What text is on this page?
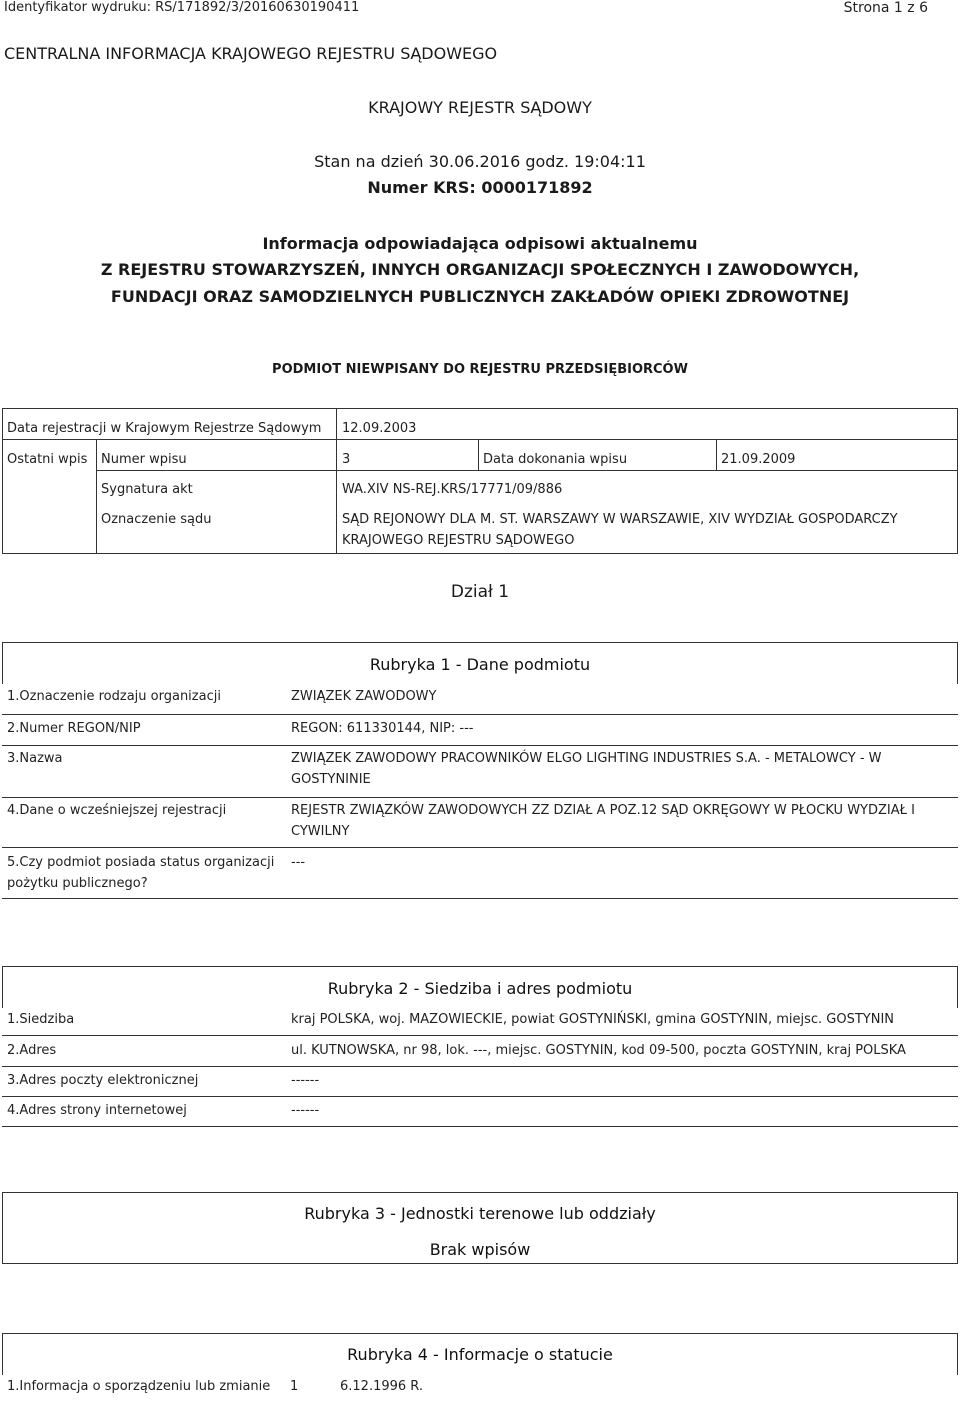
Identyfikator wydruku: RS/171892/3/20160630190411	Strona 1 z 6
CENTRALNA INFORMACJA KRAJOWEGO REJESTRU SĄDOWEGO
KRAJOWY REJESTR SĄDOWY
Stan na dzień 30.06.2016 godz. 19:04:11
Numer KRS: 0000171892
Informacja odpowiadająca odpisowi aktualnemu
Z REJESTRU STOWARZYSZEŃ, INNYCH ORGANIZACJI SPOŁECZNYCH I ZAWODOWYCH,
FUNDACJI ORAZ SAMODZIELNYCH PUBLICZNYCH ZAKŁADÓW OPIEKI ZDROWOTNEJ
PODMIOT NIEWPISANY DO REJESTRU PRZEDSIĘBIORCÓW
Data rejestracji w Krajowym Rejestrze Sądowym 12.09.2003
Ostatni wpis Numer wpisu	3	Data dokonania wpisu	21.09.2009
Sygnatura akt	WA.XIV NS-REJ.KRS/17771/09/886
Oznaczenie sądu	SĄD REJONOWY DLA M. ST. WARSZAWY W WARSZAWIE, XIV WYDZIAŁ GOSPODARCZY
KRAJOWEGO REJESTRU SĄDOWEGO
Dział 1
Rubryka 1 - Dane podmiotu
1.Oznaczenie rodzaju organizacji	ZWIĄZEK ZAWODOWY
2.Numer REGON/NIP	REGON: 611330144, NIP: ---
3.Nazwa	ZWIĄZEK ZAWODOWY PRACOWNIKÓW ELGO LIGHTING INDUSTRIES S.A. - METALOWCY - W
GOSTYNINIE
4.Dane o wcześniejszej rejestracji	REJESTR ZWIĄZKÓW ZAWODOWYCH ZZ DZIAŁ A POZ.12 SĄD OKRĘGOWY W PŁOCKU WYDZIAŁ I
CYWILNY
5.Czy podmiot posiada status organizacji
pożytku publicznego?
---
Rubryka 2 - Siedziba i adres podmiotu
1.Siedziba	kraj POLSKA, woj. MAZOWIECKIE, powiat GOSTYNIŃSKI, gmina GOSTYNIN, miejsc. GOSTYNIN
2.Adres	ul. KUTNOWSKA, nr 98, lok. ---, miejsc. GOSTYNIN, kod 09-500, poczta GOSTYNIN, kraj POLSKA
3.Adres poczty elektronicznej	------
4.Adres strony internetowej	------
Rubryka 3 - Jednostki terenowe lub oddziały
Brak wpisów
Rubryka 4 - Informacje o statucie
1.Informacja o sporządzeniu lub zmianie 1	6.12.1996 R.
